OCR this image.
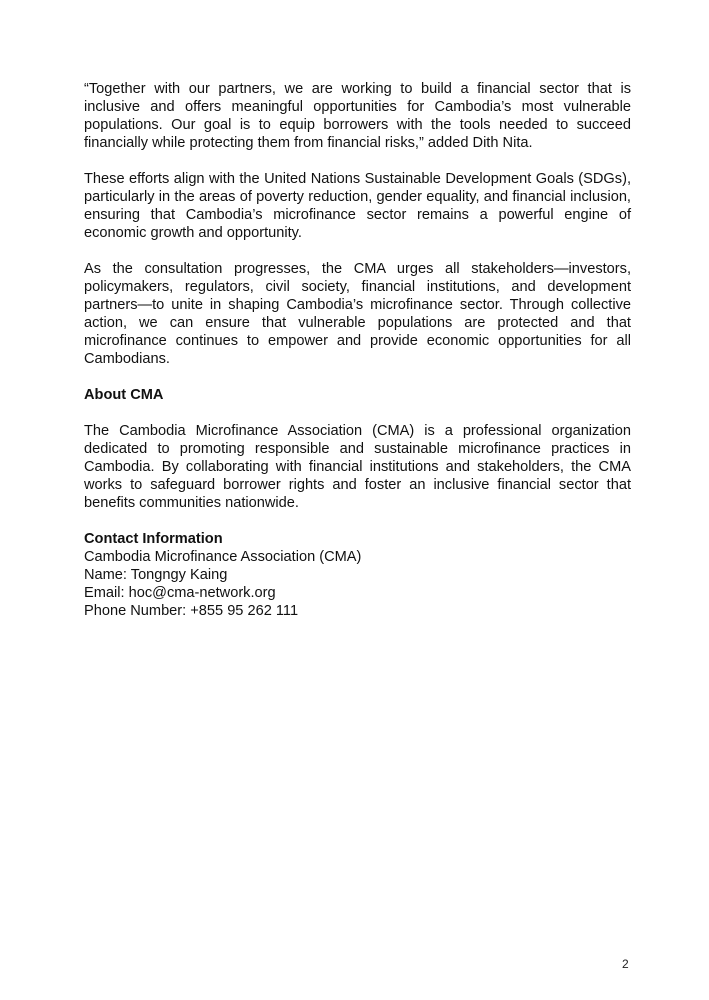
“Together with our partners, we are working to build a financial sector that is inclusive and offers meaningful opportunities for Cambodia’s most vulnerable populations. Our goal is to equip borrowers with the tools needed to succeed financially while protecting them from financial risks,” added Dith Nita.

These efforts align with the United Nations Sustainable Development Goals (SDGs), particularly in the areas of poverty reduction, gender equality, and financial inclusion, ensuring that Cambodia’s microfinance sector remains a powerful engine of economic growth and opportunity.

As the consultation progresses, the CMA urges all stakeholders—investors, policymakers, regulators, civil society, financial institutions, and development partners—to unite in shaping Cambodia’s microfinance sector. Through collective action, we can ensure that vulnerable populations are protected and that microfinance continues to empower and provide economic opportunities for all Cambodians.

About CMA

The Cambodia Microfinance Association (CMA) is a professional organization dedicated to promoting responsible and sustainable microfinance practices in Cambodia. By collaborating with financial institutions and stakeholders, the CMA works to safeguard borrower rights and foster an inclusive financial sector that benefits communities nationwide.

Contact Information
Cambodia Microfinance Association (CMA)
Name: Tongngy Kaing
Email: hoc@cma-network.org
Phone Number: +855 95 262 111
2
